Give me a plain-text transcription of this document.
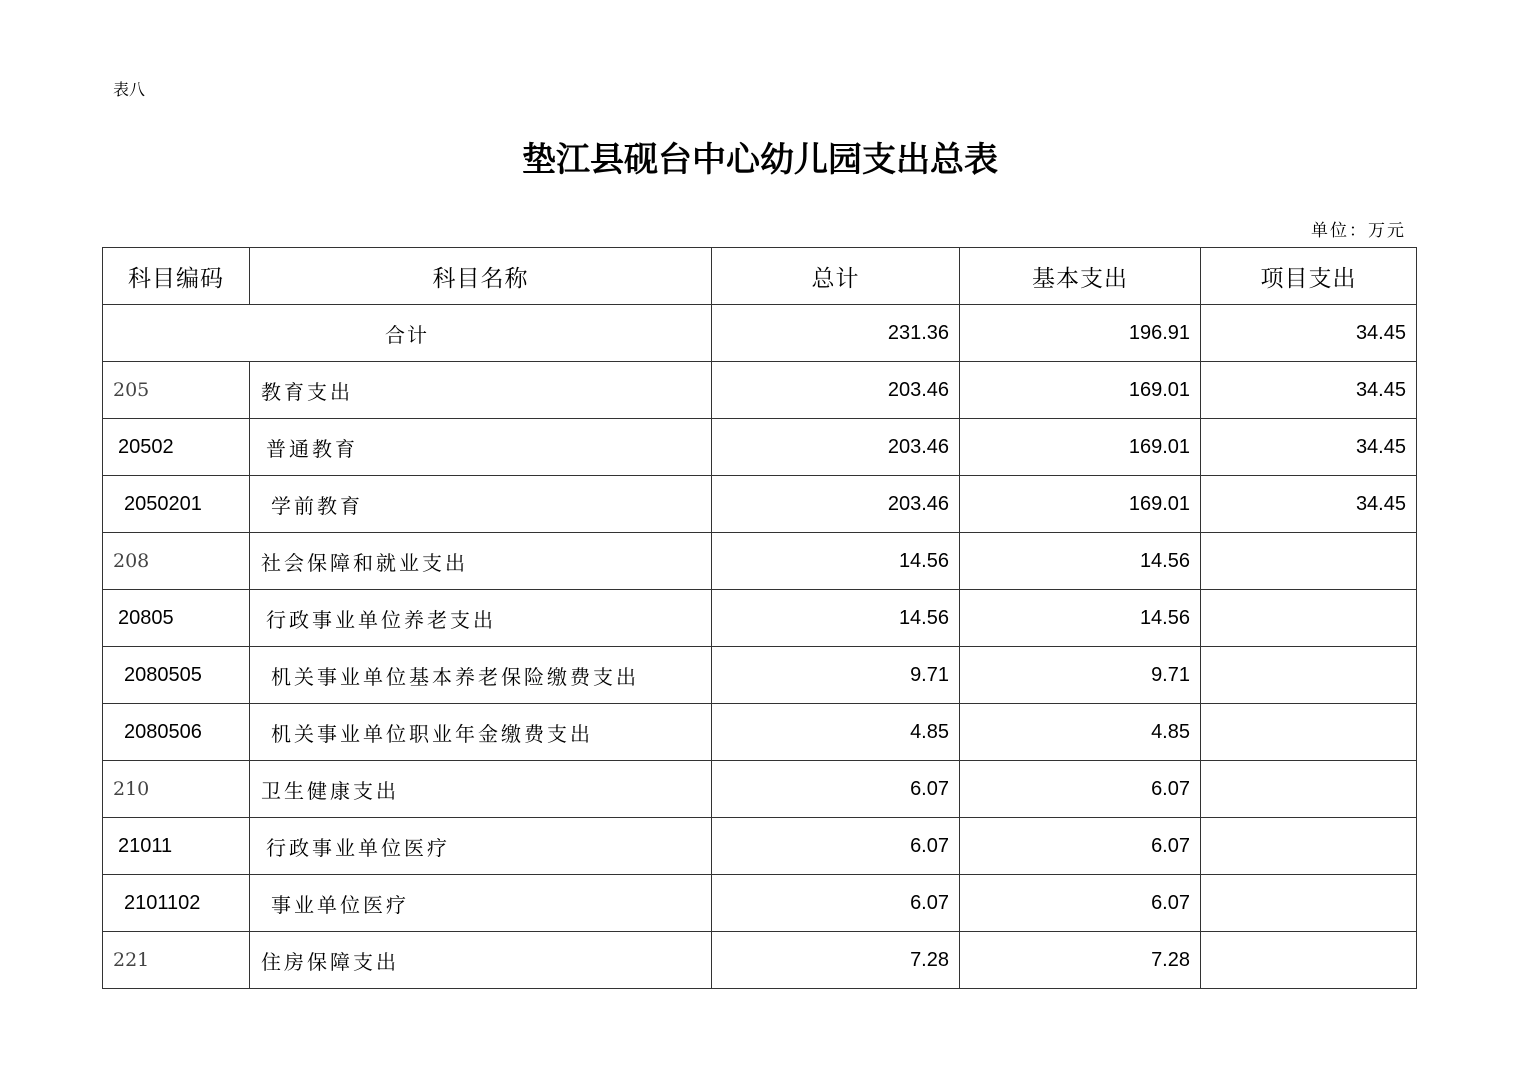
表八
垫江县砚台中心幼儿园支出总表
单位：万元
科目编码	科目名称	总计	基本支出	项目支出
合计		231.36	196.91	34.45
205	教育支出	203.46	169.01	34.45
20502	普通教育	203.46	169.01	34.45
2050201	学前教育	203.46	169.01	34.45
208	社会保障和就业支出	14.56	14.56	
20805	行政事业单位养老支出	14.56	14.56	
2080505	机关事业单位基本养老保险缴费支出	9.71	9.71	
2080506	机关事业单位职业年金缴费支出	4.85	4.85	
210	卫生健康支出	6.07	6.07	
21011	行政事业单位医疗	6.07	6.07	
2101102	事业单位医疗	6.07	6.07	
221	住房保障支出	7.28	7.28	
